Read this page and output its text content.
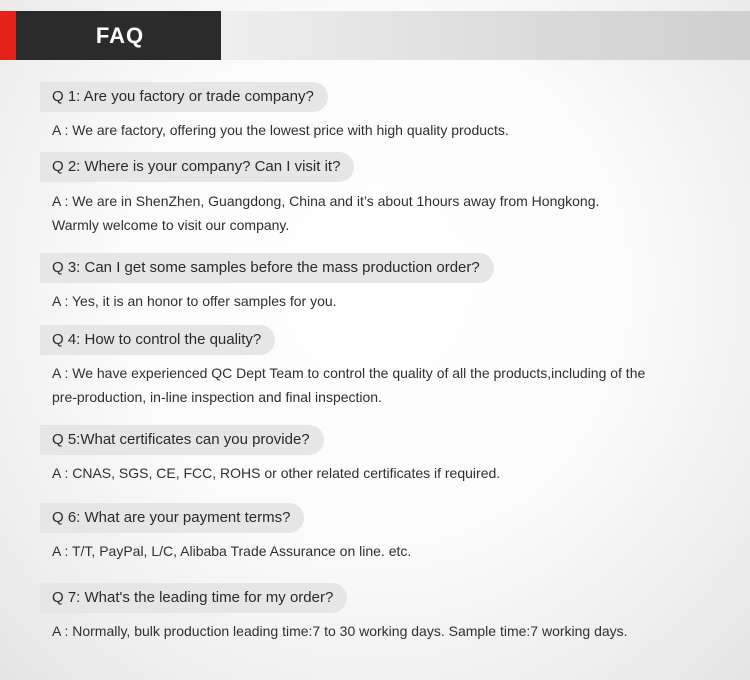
FAQ
Q 1: Are you factory or trade company?
A : We are factory, offering you the lowest price with high quality products.
Q 2: Where is your company? Can I visit it?
A : We are in ShenZhen, Guangdong, China and it’s about 1hours away from Hongkong.
Warmly welcome to visit our company.
Q 3: Can I get some samples before the mass production order?
A : Yes, it is an honor to offer samples for you.
Q 4: How to control the quality?
A : We have experienced QC Dept Team to control the quality of all the products,including of the
pre-production, in-line inspection and final inspection.
Q 5:What certificates can you provide?
A : CNAS, SGS, CE, FCC, ROHS or other related certificates if required.
Q 6: What are your payment terms?
A : T/T, PayPal, L/C, Alibaba Trade Assurance on line. etc.
Q 7: What's the leading time for my order?
A : Normally, bulk production leading time:7 to 30 working days. Sample time:7 working days.
